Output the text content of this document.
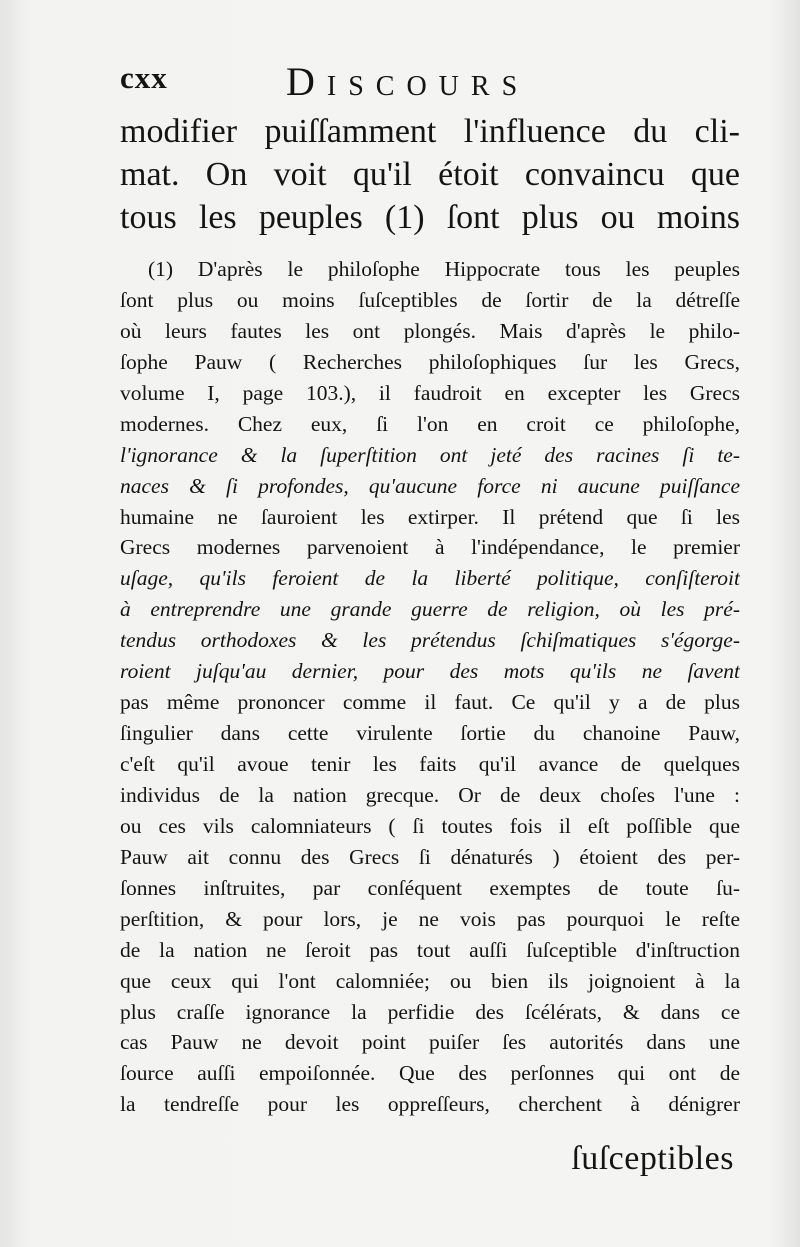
cxx	Discours
modifier puiſſamment l'influence du cli-
mat. On voit qu'il étoit convaincu que
tous les peuples (1) ſont plus ou moins
(1) D'après le philoſophe Hippocrate tous les peuples
ſont plus ou moins ſuſceptibles de ſortir de la détreſſe
où leurs fautes les ont plongés. Mais d'après le philo-
ſophe Pauw ( Recherches philoſophiques ſur les Grecs,
volume I, page 103.), il faudroit en excepter les Grecs
modernes. Chez eux, ſi l'on en croit ce philoſophe,
l'ignorance & la ſuperſtition ont jeté des racines ſi te-
naces & ſi profondes, qu'aucune force ni aucune puiſſance
humaine ne ſauroient les extirper. Il prétend que ſi les
Grecs modernes parvenoient à l'indépendance, le premier
uſage, qu'ils feroient de la liberté politique, conſiſteroit
à entreprendre une grande guerre de religion, où les pré-
tendus orthodoxes & les prétendus ſchiſmatiques s'égorge-
roient juſqu'au dernier, pour des mots qu'ils ne ſavent
pas même prononcer comme il faut. Ce qu'il y a de plus
ſingulier dans cette virulente ſortie du chanoine Pauw,
c'eſt qu'il avoue tenir les faits qu'il avance de quelques
individus de la nation grecque. Or de deux choſes l'une :
ou ces vils calomniateurs ( ſi toutes fois il eſt poſſible que
Pauw ait connu des Grecs ſi dénaturés ) étoient des per-
ſonnes inſtruites, par conſéquent exemptes de toute ſu-
perſtition, & pour lors, je ne vois pas pourquoi le reſte
de la nation ne ſeroit pas tout auſſi ſuſceptible d'inſtruction
que ceux qui l'ont calomniée; ou bien ils joignoient à la
plus craſſe ignorance la perfidie des ſcélérats, & dans ce
cas Pauw ne devoit point puiſer ſes autorités dans une
ſource auſſi empoiſonnée. Que des perſonnes qui ont de
la tendreſſe pour les oppreſſeurs, cherchent à dénigrer
ſuſceptibles
